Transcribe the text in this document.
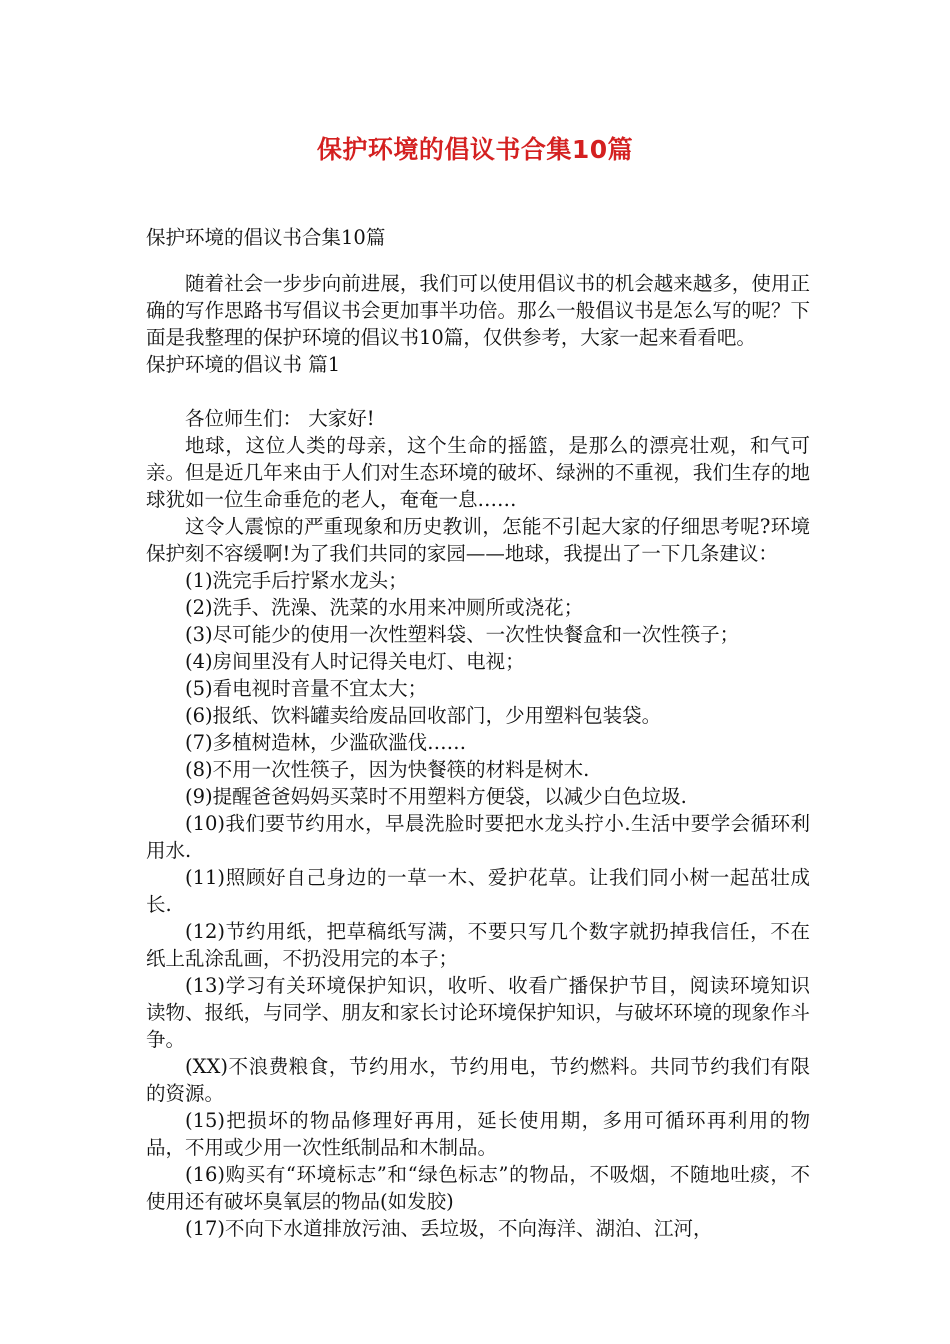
保护环境的倡议书合集10篇
保护环境的倡议书合集10篇

随着社会一步步向前进展，我们可以使用倡议书的机会越来越多，使用正确的写作思路书写倡议书会更加事半功倍。那么一般倡议书是怎么写的呢？下面是我整理的保护环境的倡议书10篇，仅供参考，大家一起来看看吧。

保护环境的倡议书 篇1

各位师生们： 大家好!

地球，这位人类的母亲，这个生命的摇篮，是那么的漂亮壮观，和气可亲。但是近几年来由于人们对生态环境的破坏、绿洲的不重视，我们生存的地球犹如一位生命垂危的老人，奄奄一息……

这令人震惊的严重现象和历史教训，怎能不引起大家的仔细思考呢?环境保护刻不容缓啊!为了我们共同的家园——地球，我提出了一下几条建议：

(1)洗完手后拧紧水龙头；

(2)洗手、洗澡、洗菜的水用来冲厕所或浇花；

(3)尽可能少的使用一次性塑料袋、一次性快餐盒和一次性筷子；

(4)房间里没有人时记得关电灯、电视；

(5)看电视时音量不宜太大；

(6)报纸、饮料罐卖给废品回收部门，少用塑料包装袋。

(7)多植树造林，少滥砍滥伐……

(8)不用一次性筷子，因为快餐筷的材料是树木.

(9)提醒爸爸妈妈买菜时不用塑料方便袋，以减少白色垃圾.

(10)我们要节约用水，早晨洗脸时要把水龙头拧小.生活中要学会循环利用水.

(11)照顾好自己身边的一草一木、爱护花草。让我们同小树一起茁壮成长.

(12)节约用纸，把草稿纸写满，不要只写几个数字就扔掉我信任，不在纸上乱涂乱画，不扔没用完的本子；

(13)学习有关环境保护知识，收听、收看广播保护节目，阅读环境知识读物、报纸，与同学、朋友和家长讨论环境保护知识，与破坏环境的现象作斗争。

(XX)不浪费粮食，节约用水，节约用电，节约燃料。共同节约我们有限的资源。

(15)把损坏的物品修理好再用，延长使用期，多用可循环再利用的物品，不用或少用一次性纸制品和木制品。

(16)购买有“环境标志”和“绿色标志”的物品，不吸烟，不随地吐痰，不使用还有破坏臭氧层的物品(如发胶)

(17)不向下水道排放污油、丢垃圾，不向海洋、湖泊、江河，
